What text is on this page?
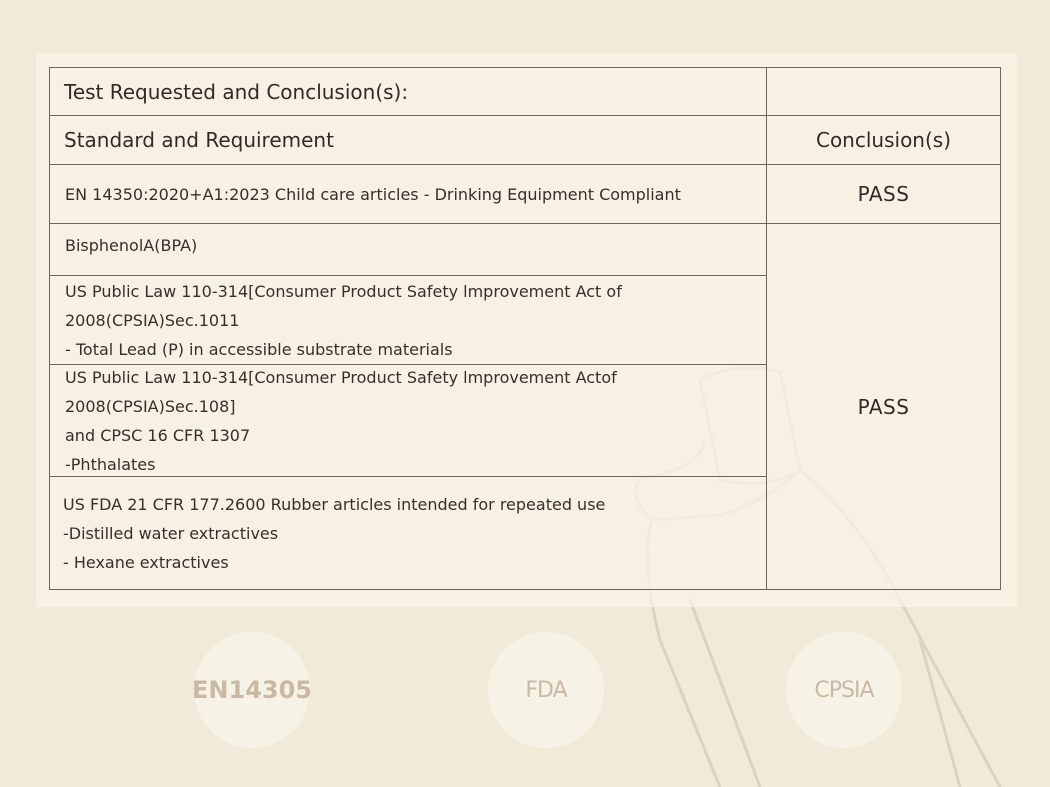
Test Requested and Conclusion(s):
Standard and Requirement	Conclusion(s)
EN 14350:2020+A1:2023 Child care articles - Drinking Equipment Compliant	PASS
BisphenolA(BPA)
US Public Law 110-314[Consumer Product Safety lmprovement Act of 2008(CPSIA)Sec.1011
- Total Lead (P) in accessible substrate materials
US Public Law 110-314[Consumer Product Safety lmprovement Actof 2008(CPSIA)Sec.108]
and CPSC 16 CFR 1307
-Phthalates
US FDA 21 CFR 177.2600 Rubber articles intended for repeated use
-Distilled water extractives
- Hexane extractives
PASS
EN14305	FDA	CPSIA
